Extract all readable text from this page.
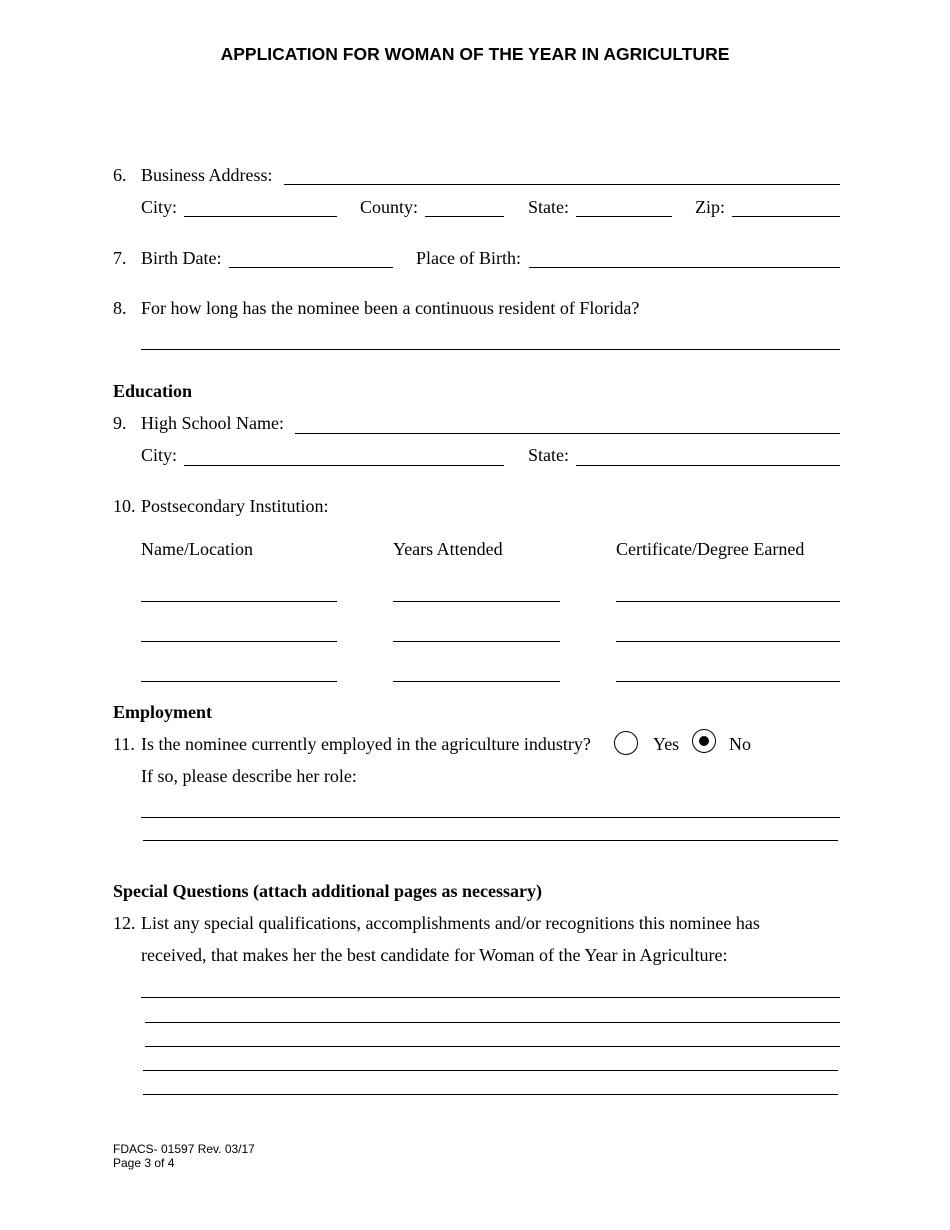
APPLICATION FOR WOMAN OF THE YEAR IN AGRICULTURE
6. Business Address:
City:	County:	State:	Zip:
7. Birth Date:	Place of Birth:
8. For how long has the nominee been a continuous resident of Florida?
Education
9. High School Name:
City:	State:
10. Postsecondary Institution:
Name/Location	Years Attended	Certificate/Degree Earned
Employment
11. Is the nominee currently employed in the agriculture industry?	Yes	No
If so, please describe her role:
Special Questions (attach additional pages as necessary)
12. List any special qualifications, accomplishments and/or recognitions this nominee has
received, that makes her the best candidate for Woman of the Year in Agriculture:
FDACS- 01597 Rev. 03/17
Page 3 of 4
